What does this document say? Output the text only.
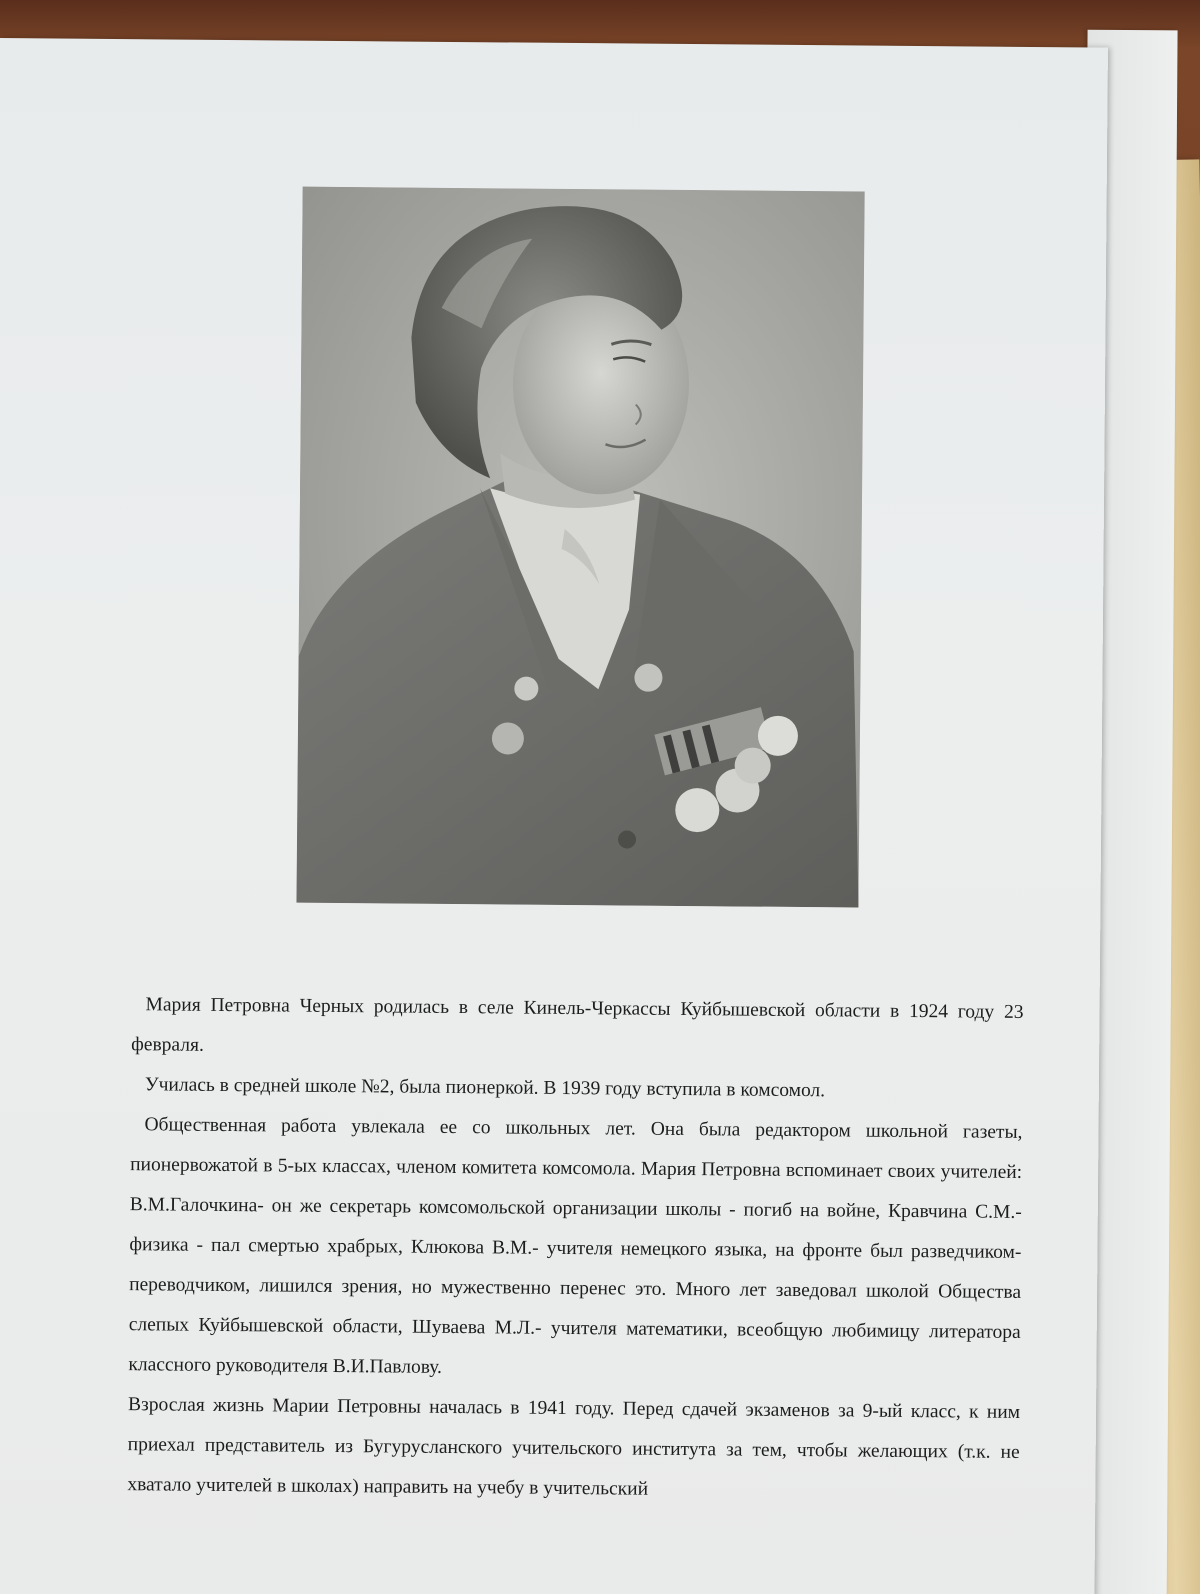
Мария Петровна Черных родилась в селе Кинель-Черкассы Куйбышевской области в 1924 году 23 февраля.

Училась в средней школе №2, была пионеркой. В 1939 году вступила в комсомол.

Общественная работа увлекала ее со школьных лет. Она была редактором школьной газеты, пионервожатой в 5-ых классах, членом комитета комсомола. Мария Петровна вспоминает своих учителей: В.М.Галочкина- он же секретарь комсомольской организации школы - погиб на войне, Кравчина С.М.- физика - пал смертью храбрых, Клюкова В.М.- учителя немецкого языка, на фронте был разведчиком-переводчиком, лишился зрения, но мужественно перенес это. Много лет заведовал школой Общества слепых Куйбышевской области, Шуваева М.Л.- учителя математики, всеобщую любимицу литератора классного руководителя В.И.Павлову.

Взрослая жизнь Марии Петровны началась в 1941 году. Перед сдачей экзаменов за 9-ый класс, к ним приехал представитель из Бугурусланского учительского института за тем, чтобы желающих (т.к. не хватало учителей в школах) направить на учебу в учительский
